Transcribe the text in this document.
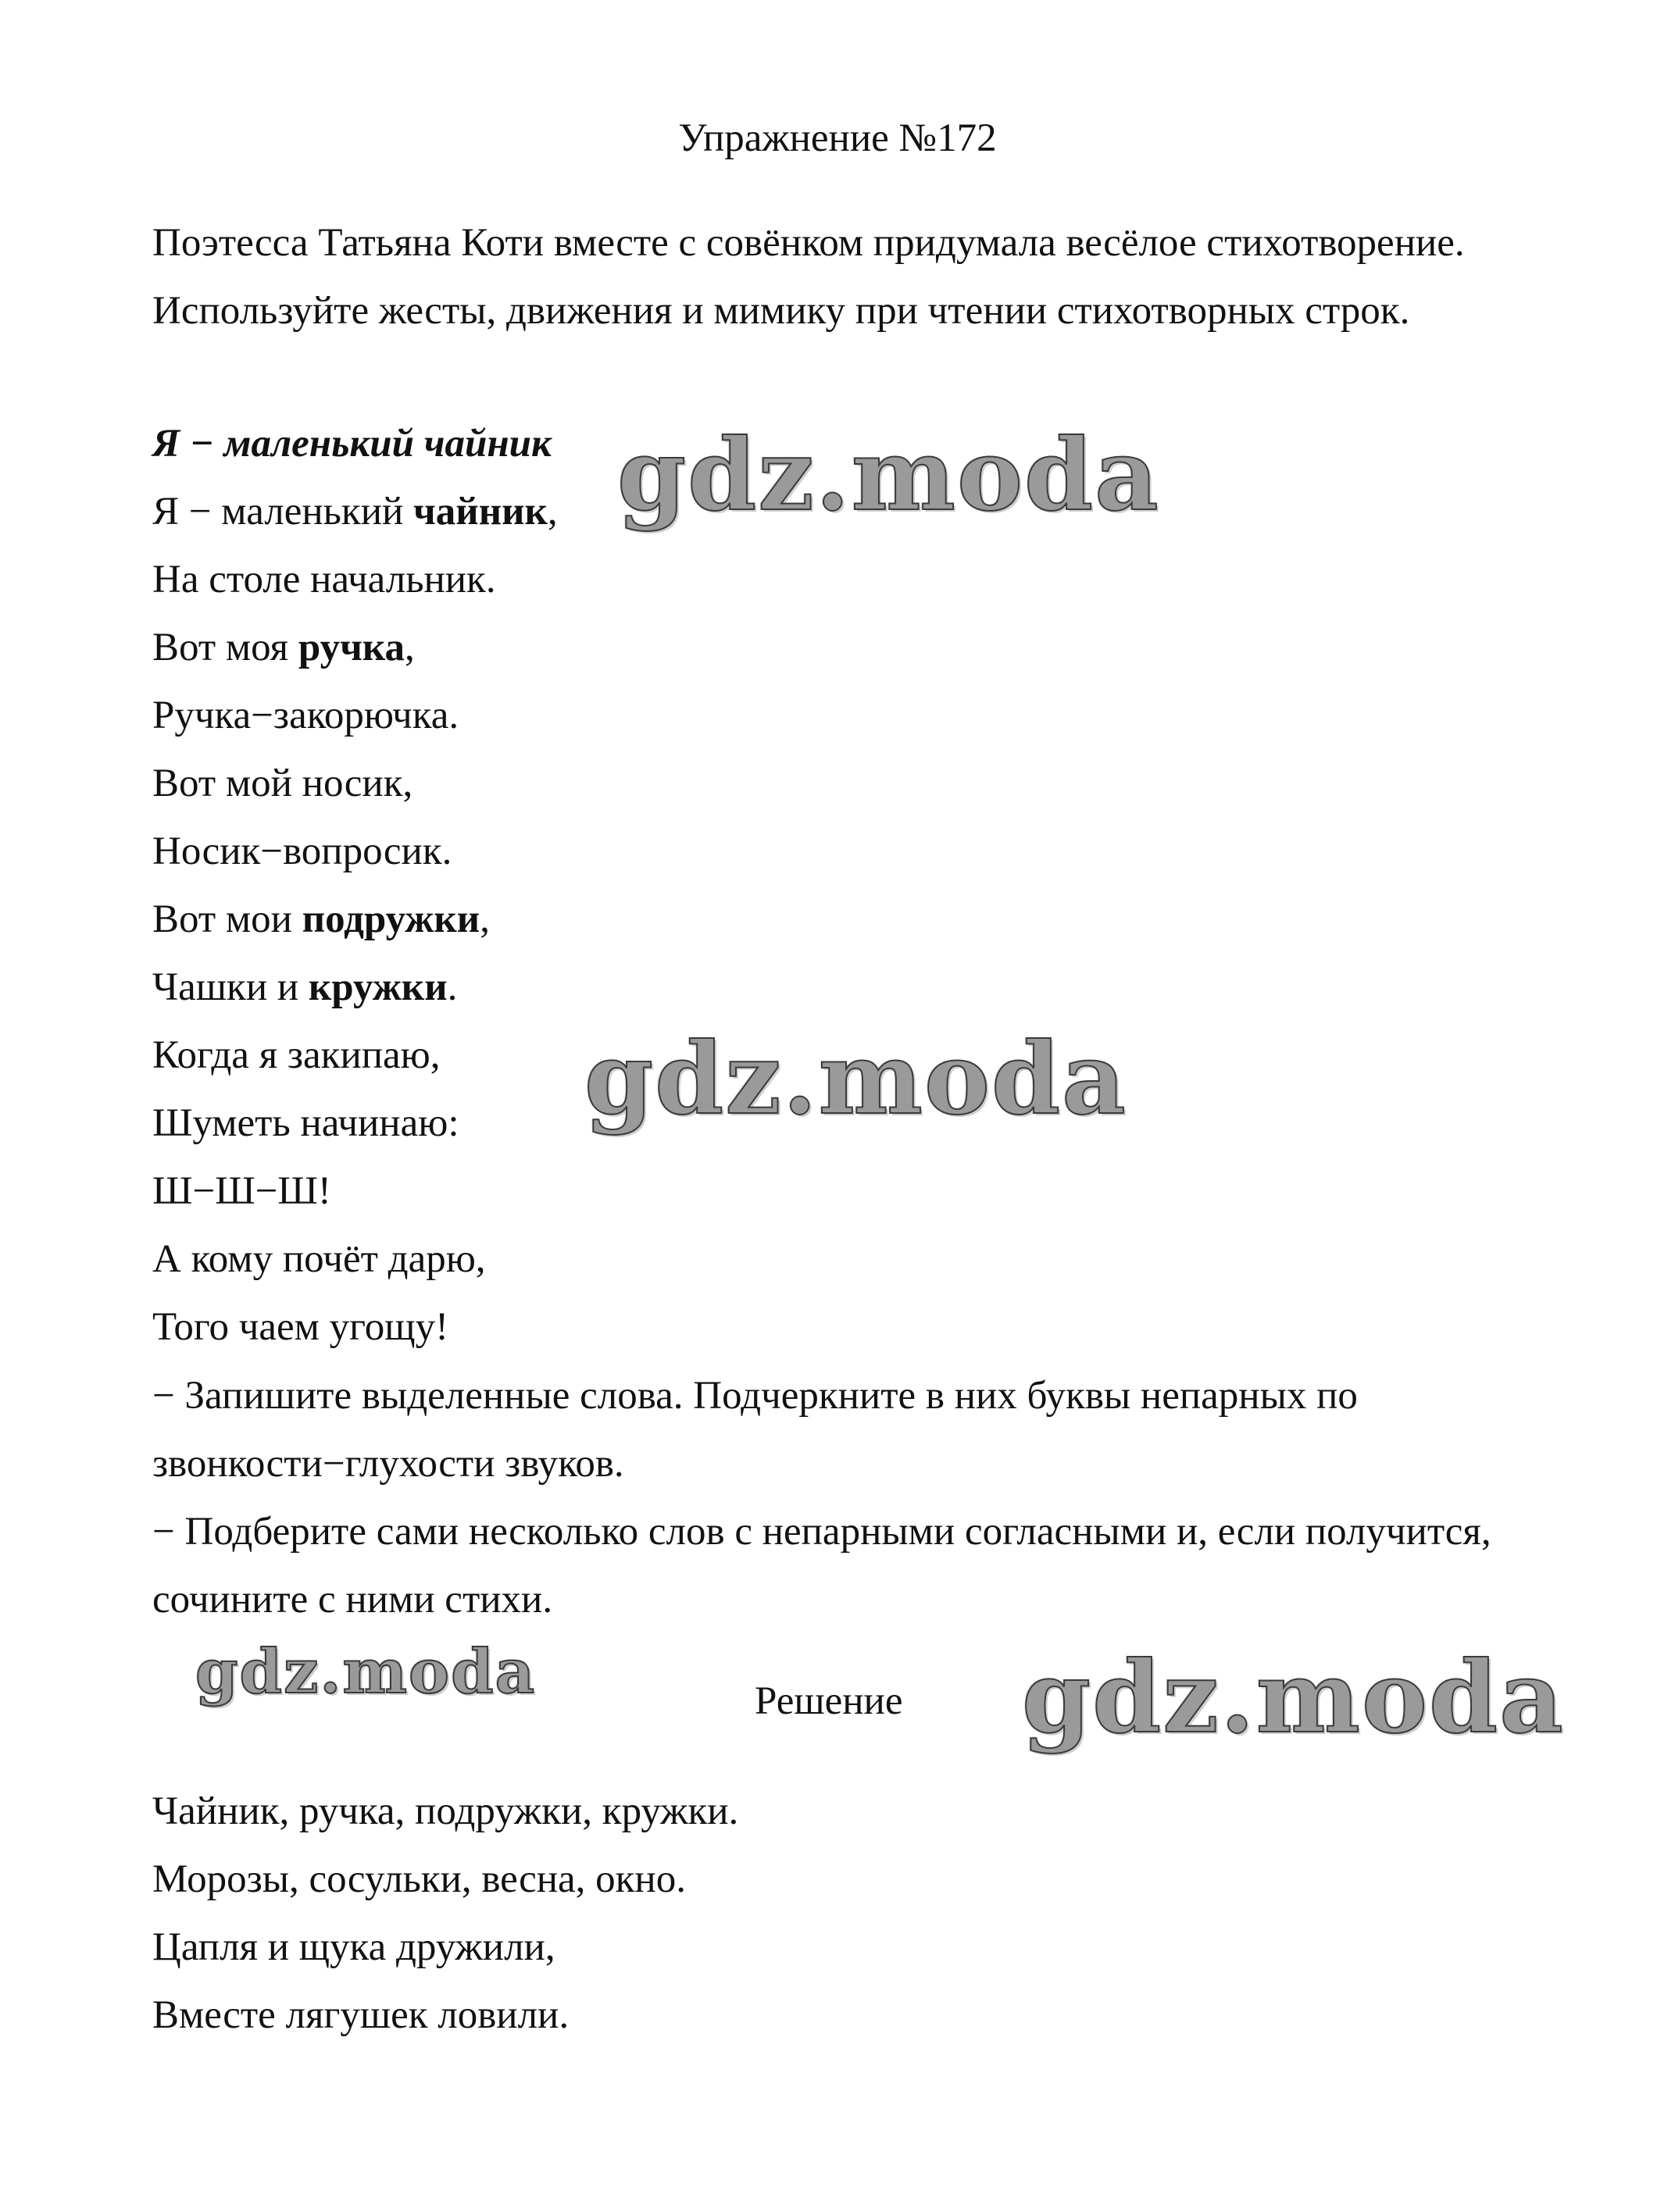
Упражнение №172
Поэтесса Татьяна Коти вместе с совёнком придумала весёлое стихотворение. Используйте жесты, движения и мимику при чтении стихотворных строк.
Я − маленький чайник
Я − маленький чайник,
На столе начальник.
Вот моя ручка,
Ручка−закорючка.
Вот мой носик,
Носик−вопросик.
Вот мои подружки,
Чашки и кружки.
Когда я закипаю,
Шуметь начинаю:
Ш−Ш−Ш!
А кому почёт дарю,
Того чаем угощу!
− Запишите выделенные слова. Подчеркните в них буквы непарных по звонкости−глухости звуков.
− Подберите сами несколько слов с непарными согласными и, если получится, сочините с ними стихи.
Решение
Чайник, ручка, подружки, кружки.
Морозы, сосульки, весна, окно.
Цапля и щука дружили,
Вместе лягушек ловили.
gdz.moda
gdz.moda
gdz.moda	gdz.moda
